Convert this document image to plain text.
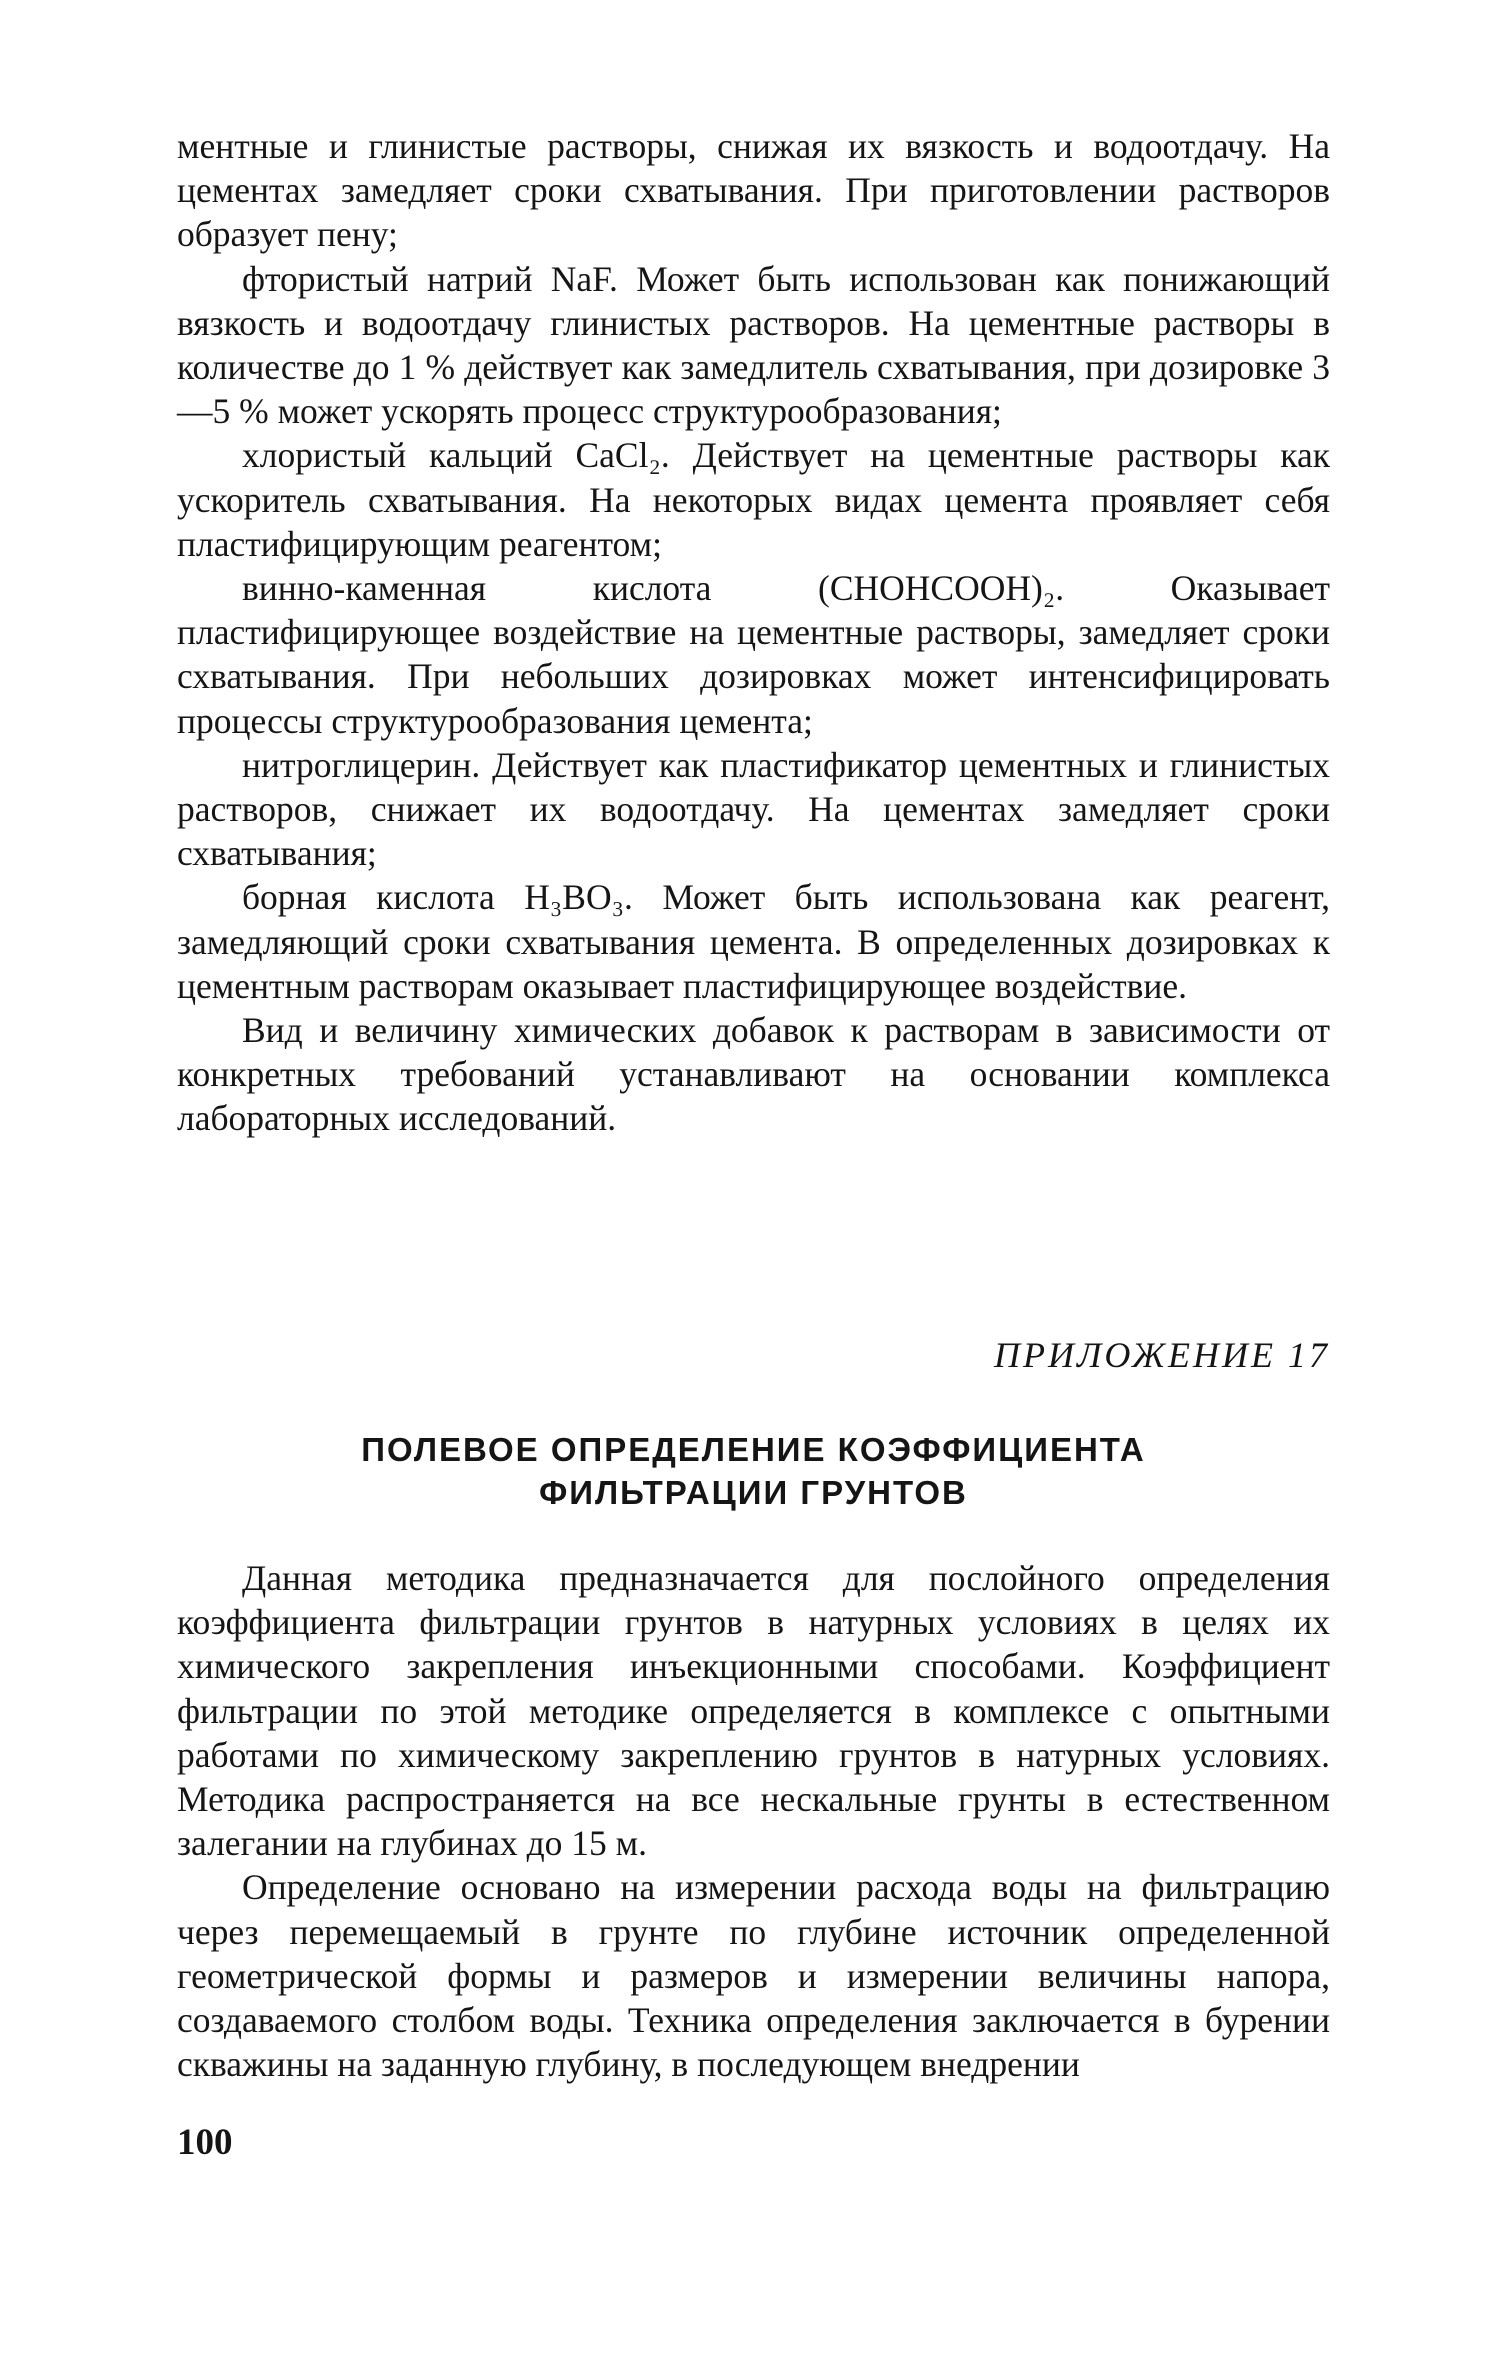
ментные и глинистые растворы, снижая их вязкость и водоотдачу. На цементах замедляет сроки схватывания. При приготовлении растворов образует пену;

фтористый натрий NaF. Может быть использован как понижающий вязкость и водоотдачу глинистых растворов. На цементные растворы в количестве до 1 % действует как замедлитель схватывания, при дозировке 3—5 % может ускорять процесс структурообразования;

хлористый кальций CaCl₂. Действует на цементные растворы как ускоритель схватывания. На некоторых видах цемента проявляет себя пластифицирующим реагентом;

винно-каменная кислота (CHOHCOOH)₂. Оказывает пластифицирующее воздействие на цементные растворы, замедляет сроки схватывания. При небольших дозировках может интенсифицировать процессы структурообразования цемента;

нитроглицерин. Действует как пластификатор цементных и глинистых растворов, снижает их водоотдачу. На цементах замедляет сроки схватывания;

борная кислота H₃BO₃. Может быть использована как реагент, замедляющий сроки схватывания цемента. В определенных дозировках к цементным растворам оказывает пластифицирующее воздействие.

Вид и величину химических добавок к растворам в зависимости от конкретных требований устанавливают на основании комплекса лабораторных исследований.

ПРИЛОЖЕНИЕ 17
ПОЛЕВОЕ ОПРЕДЕЛЕНИЕ КОЭФФИЦИЕНТА
ФИЛЬТРАЦИИ ГРУНТОВ

Данная методика предназначается для послойного определения коэффициента фильтрации грунтов в натурных условиях в целях их химического закрепления инъекционными способами. Коэффициент фильтрации по этой методике определяется в комплексе с опытными работами по химическому закреплению грунтов в натурных условиях. Методика распространяется на все нескальные грунты в естественном залегании на глубинах до 15 м.

Определение основано на измерении расхода воды на фильтрацию через перемещаемый в грунте по глубине источник определенной геометрической формы и размеров и измерении величины напора, создаваемого столбом воды. Техника определения заключается в бурении скважины на заданную глубину, в последующем внедрении

100
